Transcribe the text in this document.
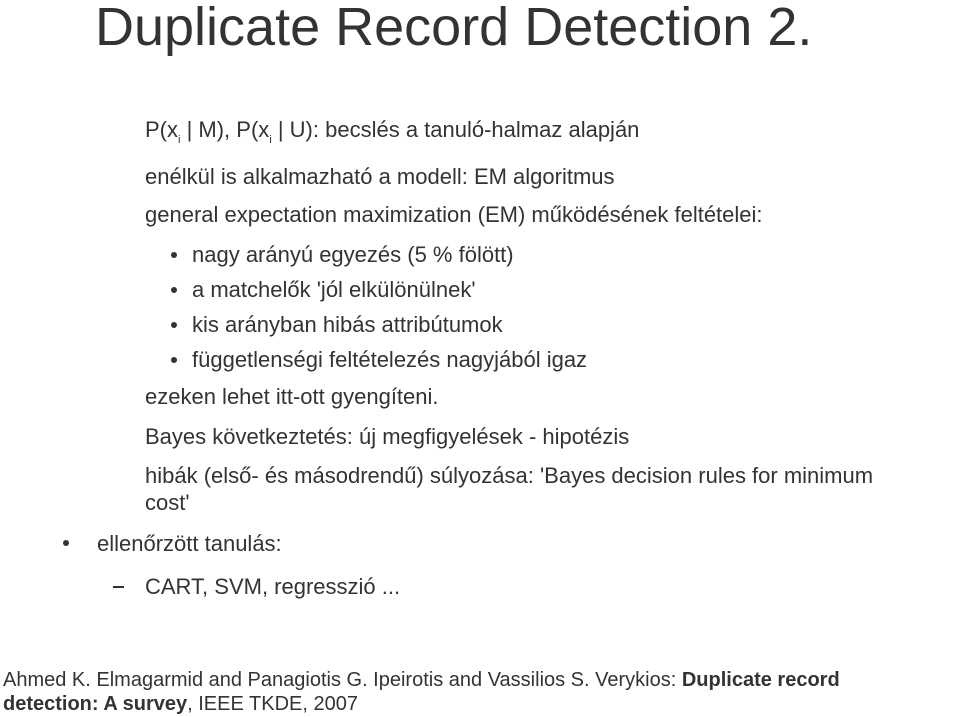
Duplicate Record Detection 2.
$P(x_i$ | M), $P(x_i$ | U): becslés a tanuló-halmaz alapján
enélkül is alkalmazható a modell: EM algoritmus
general expectation maximization (EM) működésének feltételei:
nagy arányú egyezés (5 % fölött)
a matchelők 'jól elkülönülnek'
kis arányban hibás attribútumok
függetlenségi feltételezés nagyjából igaz
ezeken lehet itt-ott gyengíteni.
Bayes következtetés: új megfigyelések - hipotézis
hibák (első- és másodrendű) súlyozása: 'Bayes decision rules for minimum
cost'
ellenőrzött tanulás:
CART, SVM, regresszió ...
Ahmed K. Elmagarmid and Panagiotis G. Ipeirotis and Vassilios S. Verykios: Duplicate record
detection: A survey, IEEE TKDE, 2007
